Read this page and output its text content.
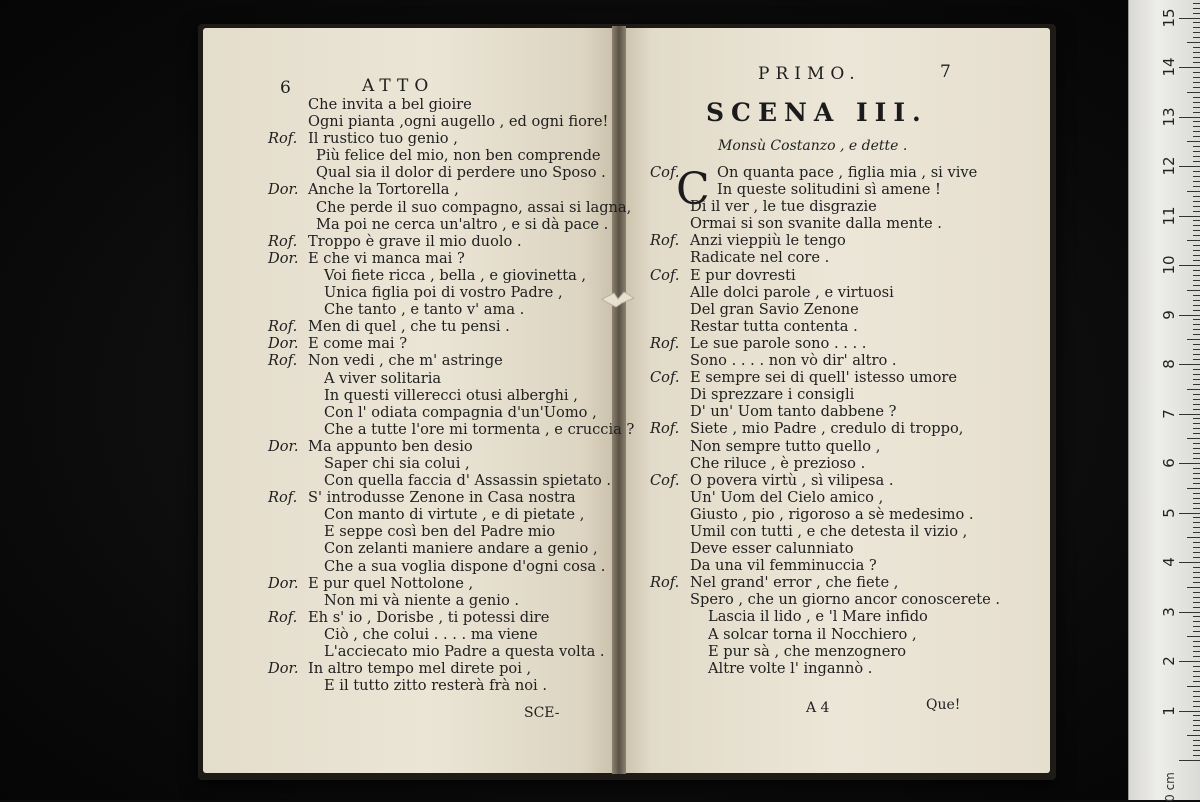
6	ATTO
Che invita a bel gioire
Ogni pianta ,ogni augello , ed ogni fiore!
Rof. Il rustico tuo genio ,
Più felice del mio, non ben comprende
Qual sia il dolor di perdere uno Sposo .
Dor. Anche la Tortorella ,
Che perde il suo compagno, assai si lagna,
Ma poi ne cerca un'altro , e si dà pace .
Rof. Troppo è grave il mio duolo .
Dor. E che vi manca mai ?
Voi fiete ricca , bella , e giovinetta ,
Unica figlia poi di vostro Padre ,
Che tanto , e tanto v' ama .
Rof. Men di quel , che tu pensi .
Dor. E come mai ?
Rof. Non vedi , che m' astringe
A viver solitaria
In questi villerecci otusi alberghi ,
Con l' odiata compagnia d'un'Uomo ,
Che a tutte l'ore mi tormenta , e cruccia ?
Dor. Ma appunto ben desio
Saper chi sia colui ,
Con quella faccia d' Assassin spietato .
Rof. S' introdusse Zenone in Casa nostra
Con manto di virtute , e di pietate ,
E seppe così ben del Padre mio
Con zelanti maniere andare a genio ,
Che a sua voglia dispone d'ogni cosa .
Dor. E pur quel Nottolone ,
Non mi và niente a genio .
Rof. Eh s' io , Dorisbe , ti potessi dire
Ciò , che colui . . . . ma viene
L'acciecato mio Padre a questa volta .
Dor. In altro tempo mel direte poi ,
E il tutto zitto resterà frà noi .
SCE-
PRIMO.	7
SCENA III.
Monsù Costanzo , e dette .
C
Cof.	On quanta pace , figlia mia , si vive
In queste solitudini sì amene !
Dì il ver , le tue disgrazie
Ormai si son svanite dalla mente .
Rof. Anzi vieppiù le tengo
Radicate nel core .
Cof. E pur dovresti
Alle dolci parole , e virtuosi
Del gran Savio Zenone
Restar tutta contenta .
Rof. Le sue parole sono . . . .
Sono . . . . non vò dir' altro .
Cof. E sempre sei di quell' istesso umore
Di sprezzare i consigli
D' un' Uom tanto dabbene ?
Rof. Siete , mio Padre , credulo di troppo,
Non sempre tutto quello ,
Che riluce , è prezioso .
Cof. O povera virtù , sì vilipesa .
Un' Uom del Cielo amico ,
Giusto , pio , rigoroso a sè medesimo .
Umil con tutti , e che detesta il vizio ,
Deve esser calunniato
Da una vil femminuccia ?
Rof. Nel grand' error , che fiete ,
Spero , che un giorno ancor conoscerete .
Lascia il lido , e 'l Mare infido
A solcar torna il Nocchiero ,
E pur sà , che menzognero
Altre volte l' ingannò .
A 4	Que!
0 cm
1
2
3
4
5
6
7
8
9
10
11
12
13
14
15
